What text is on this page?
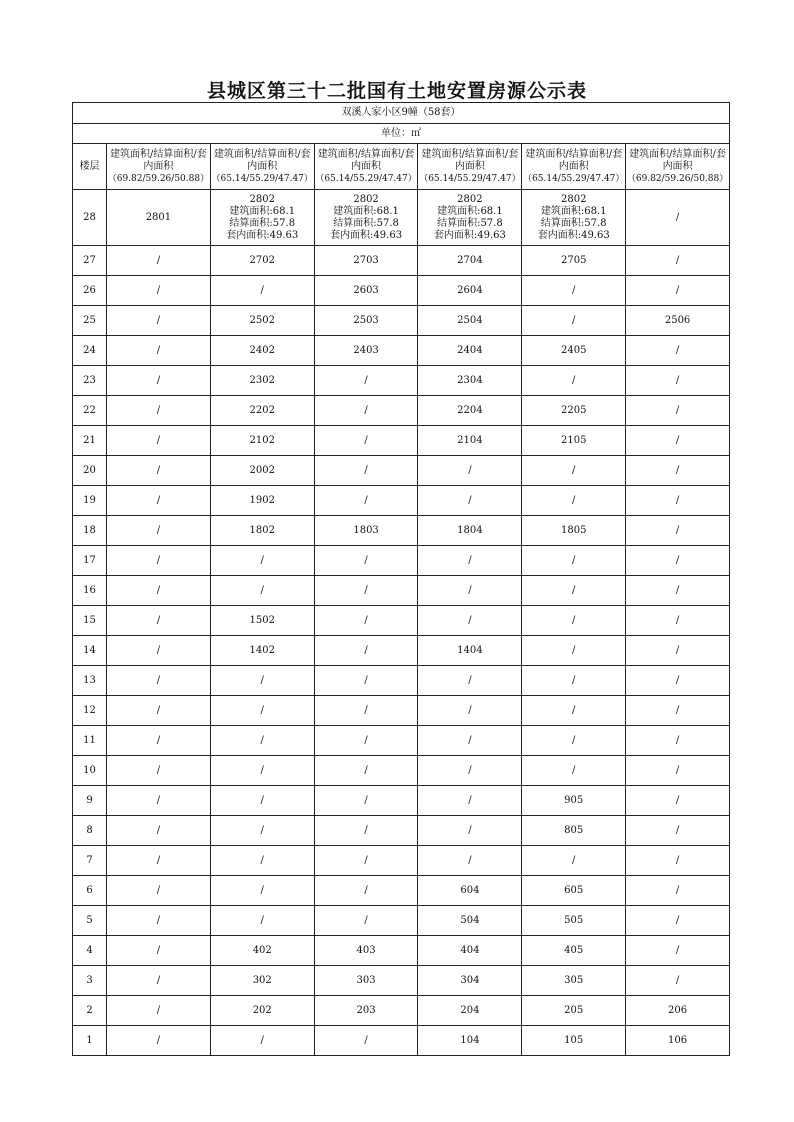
县城区第三十二批国有土地安置房源公示表
双溪人家小区9幢（58套）						
单位：㎡						
楼层	建筑面积/结算面积/套
内面积
（69.82/59.26/50.88）	建筑面积/结算面积/套
内面积
（65.14/55.29/47.47）	建筑面积/结算面积/套
内面积
（65.14/55.29/47.47）	建筑面积/结算面积/套
内面积
（65.14/55.29/47.47）	建筑面积/结算面积/套
内面积
（65.14/55.29/47.47）	建筑面积/结算面积/套
内面积
（69.82/59.26/50.88）

28	2801	2802
建筑面积:68.1
结算面积:57.8
套内面积:49.63	2802
建筑面积:68.1
结算面积:57.8
套内面积:49.63	2802
建筑面积:68.1
结算面积:57.8
套内面积:49.63	2802
建筑面积:68.1
结算面积:57.8
套内面积:49.63	/
27	/	2702	2703	2704	2705	/
26	/	/	2603	2604	/	/
25	/	2502	2503	2504	/	2506
24	/	2402	2403	2404	2405	/
23	/	2302	/	2304	/	/
22	/	2202	/	2204	2205	/
21	/	2102	/	2104	2105	/
20	/	2002	/	/	/	/
19	/	1902	/	/	/	/
18	/	1802	1803	1804	1805	/
17	/	/	/	/	/	/
16	/	/	/	/	/	/
15	/	1502	/	/	/	/
14	/	1402	/	1404	/	/
13	/	/	/	/	/	/
12	/	/	/	/	/	/
11	/	/	/	/	/	/
10	/	/	/	/	/	/
9	/	/	/	/	905	/
8	/	/	/	/	805	/
7	/	/	/	/	/	/
6	/	/	/	604	605	/
5	/	/	/	504	505	/
4	/	402	403	404	405	/
3	/	302	303	304	305	/
2	/	202	203	204	205	206
1	/	/	/	104	105	106
